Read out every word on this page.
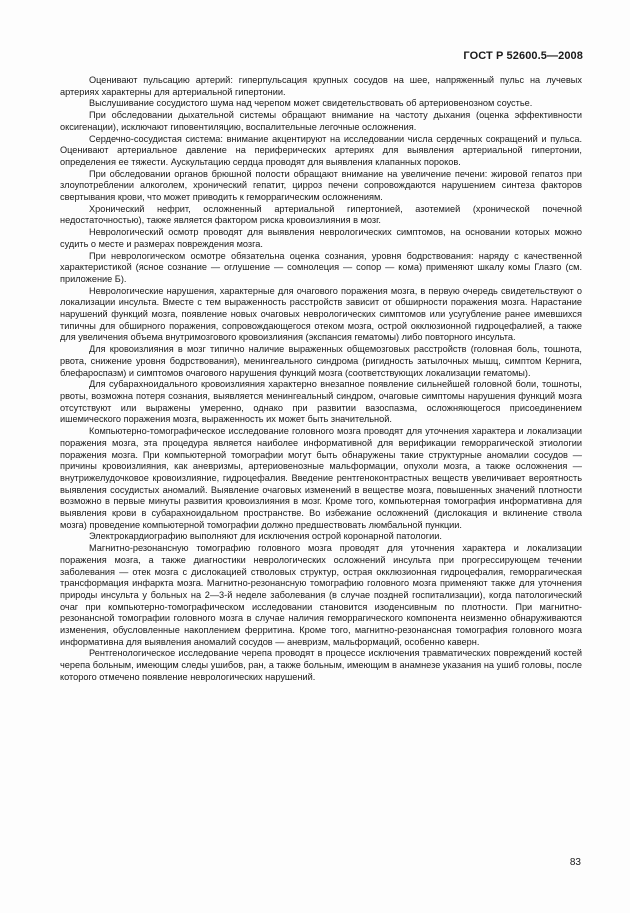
ГОСТ Р 52600.5—2008

Оценивают пульсацию артерий: гиперпульсация крупных сосудов на шее, напряженный пульс на лучевых артериях характерны для артериальной гипертонии.

Выслушивание сосудистого шума над черепом может свидетельствовать об артериовенозном соустье.

При обследовании дыхательной системы обращают внимание на частоту дыхания (оценка эффективности оксигенации), исключают гиповентиляцию, воспалительные легочные осложнения.

Сердечно-сосудистая система: внимание акцентируют на исследовании числа сердечных сокращений и пульса. Оценивают артериальное давление на периферических артериях для выявления артериальной гипертонии, определения ее тяжести. Аускультацию сердца проводят для выявления клапанных пороков.

При обследовании органов брюшной полости обращают внимание на увеличение печени: жировой гепатоз при злоупотреблении алкоголем, хронический гепатит, цирроз печени сопровождаются нарушением синтеза факторов свертывания крови, что может приводить к геморрагическим осложнениям.

Хронический нефрит, осложненный артериальной гипертонией, азотемией (хронической почечной недостаточностью), также является фактором риска кровоизлияния в мозг.

Неврологический осмотр проводят для выявления неврологических симптомов, на основании которых можно судить о месте и размерах повреждения мозга.

При неврологическом осмотре обязательна оценка сознания, уровня бодрствования: наряду с качественной характеристикой (ясное сознание — оглушение — сомнолеция — сопор — кома) применяют шкалу комы Глазго (см. приложение Б).

Неврологические нарушения, характерные для очагового поражения мозга, в первую очередь свидетельствуют о локализации инсульта. Вместе с тем выраженность расстройств зависит от обширности поражения мозга. Нарастание нарушений функций мозга, появление новых очаговых неврологических симптомов или усугубление ранее имевшихся типичны для обширного поражения, сопровождающегося отеком мозга, острой окклюзионной гидроцефалией, а также для увеличения объема внутримозгового кровоизлияния (экспансия гематомы) либо повторного инсульта.

Для кровоизлияния в мозг типично наличие выраженных общемозговых расстройств (головная боль, тошнота, рвота, снижение уровня бодрствования), менингеального синдрома (ригидность затылочных мышц, симптом Кернига, блефароспазм) и симптомов очагового нарушения функций мозга (соответствующих локализации гематомы).

Для субарахноидального кровоизлияния характерно внезапное появление сильнейшей головной боли, тошноты, рвоты, возможна потеря сознания, выявляется менингеальный синдром, очаговые симптомы нарушения функций мозга отсутствуют или выражены умеренно, однако при развитии вазоспазма, осложняющегося присоединением ишемического поражения мозга, выраженность их может быть значительной.

Компьютерно-томографическое исследование головного мозга проводят для уточнения характера и локализации поражения мозга, эта процедура является наиболее информативной для верификации геморрагической этиологии поражения мозга. При компьютерной томографии могут быть обнаружены такие структурные аномалии сосудов — причины кровоизлияния, как аневризмы, артериовенозные мальформации, опухоли мозга, а также осложнения — внутрижелудочковое кровоизлияние, гидроцефалия. Введение рентгеноконтрастных веществ увеличивает вероятность выявления сосудистых аномалий. Выявление очаговых изменений в веществе мозга, повышенных значений плотности возможно в первые минуты развития кровоизлияния в мозг. Кроме того, компьютерная томография информативна для выявления крови в субарахноидальном пространстве. Во избежание осложнений (дислокация и вклинение ствола мозга) проведение компьютерной томографии должно предшествовать люмбальной пункции.

Электрокардиографию выполняют для исключения острой коронарной патологии.

Магнитно-резонансную томографию головного мозга проводят для уточнения характера и локализации поражения мозга, а также диагностики неврологических осложнений инсульта при прогрессирующем течении заболевания — отек мозга с дислокацией стволовых структур, острая окклюзионная гидроцефалия, геморрагическая трансформация инфаркта мозга. Магнитно-резонансную томографию головного мозга применяют также для уточнения природы инсульта у больных на 2—3-й неделе заболевания (в случае поздней госпитализации), когда патологический очаг при компьютерно-томографическом исследовании становится изоденсивным по плотности. При магнитно-резонансной томографии головного мозга в случае наличия геморрагического компонента неизменно обнаруживаются изменения, обусловленные накоплением ферритина. Кроме того, магнитно-резонансная томография головного мозга информативна для выявления аномалий сосудов — аневризм, мальформаций, особенно каверн.

Рентгенологическое исследование черепа проводят в процессе исключения травматических повреждений костей черепа больным, имеющим следы ушибов, ран, а также больным, имеющим в анамнезе указания на ушиб головы, после которого отмечено появление неврологических нарушений.

83
